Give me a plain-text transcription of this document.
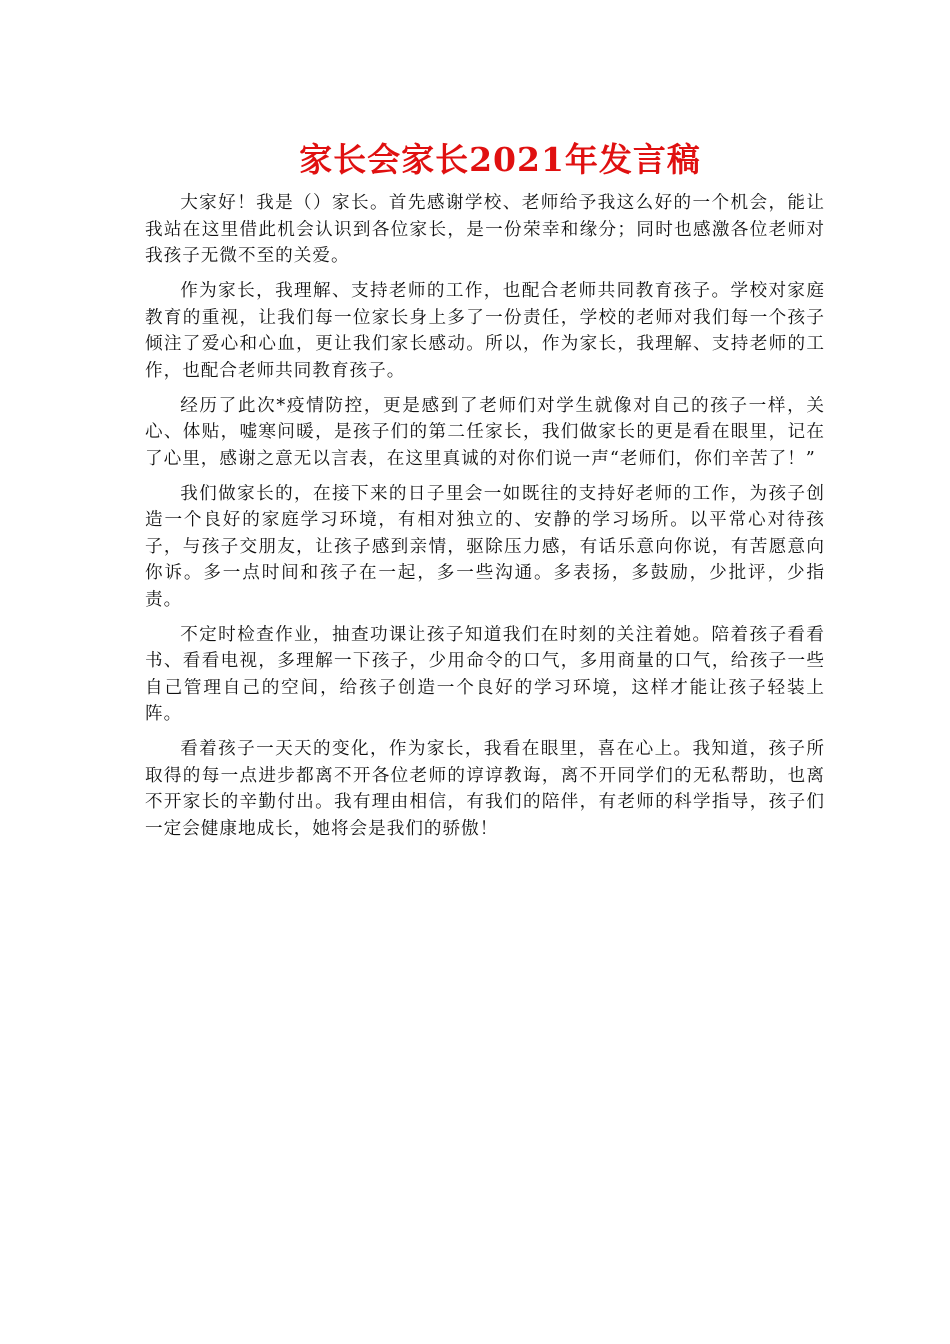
家长会家长2021年发言稿

大家好！我是（）家长。首先感谢学校、老师给予我这么好的一个机会，能让我站在这里借此机会认识到各位家长，是一份荣幸和缘分；同时也感激各位老师对我孩子无微不至的关爱。

作为家长，我理解、支持老师的工作，也配合老师共同教育孩子。学校对家庭教育的重视，让我们每一位家长身上多了一份责任，学校的老师对我们每一个孩子倾注了爱心和心血，更让我们家长感动。所以，作为家长，我理解、支持老师的工作，也配合老师共同教育孩子。

经历了此次*疫情防控，更是感到了老师们对学生就像对自己的孩子一样，关心、体贴，嘘寒问暖，是孩子们的第二任家长，我们做家长的更是看在眼里，记在了心里，感谢之意无以言表，在这里真诚的对你们说一声“老师们，你们辛苦了！”

我们做家长的，在接下来的日子里会一如既往的支持好老师的工作，为孩子创造一个良好的家庭学习环境，有相对独立的、安静的学习场所。以平常心对待孩子，与孩子交朋友，让孩子感到亲情，驱除压力感，有话乐意向你说，有苦愿意向你诉。多一点时间和孩子在一起，多一些沟通。多表扬，多鼓励，少批评，少指责。

不定时检查作业，抽查功课让孩子知道我们在时刻的关注着她。陪着孩子看看书、看看电视，多理解一下孩子，少用命令的口气，多用商量的口气，给孩子一些自己管理自己的空间，给孩子创造一个良好的学习环境，这样才能让孩子轻装上阵。

看着孩子一天天的变化，作为家长，我看在眼里，喜在心上。我知道，孩子所取得的每一点进步都离不开各位老师的谆谆教诲，离不开同学们的无私帮助，也离不开家长的辛勤付出。我有理由相信，有我们的陪伴，有老师的科学指导，孩子们一定会健康地成长，她将会是我们的骄傲！
